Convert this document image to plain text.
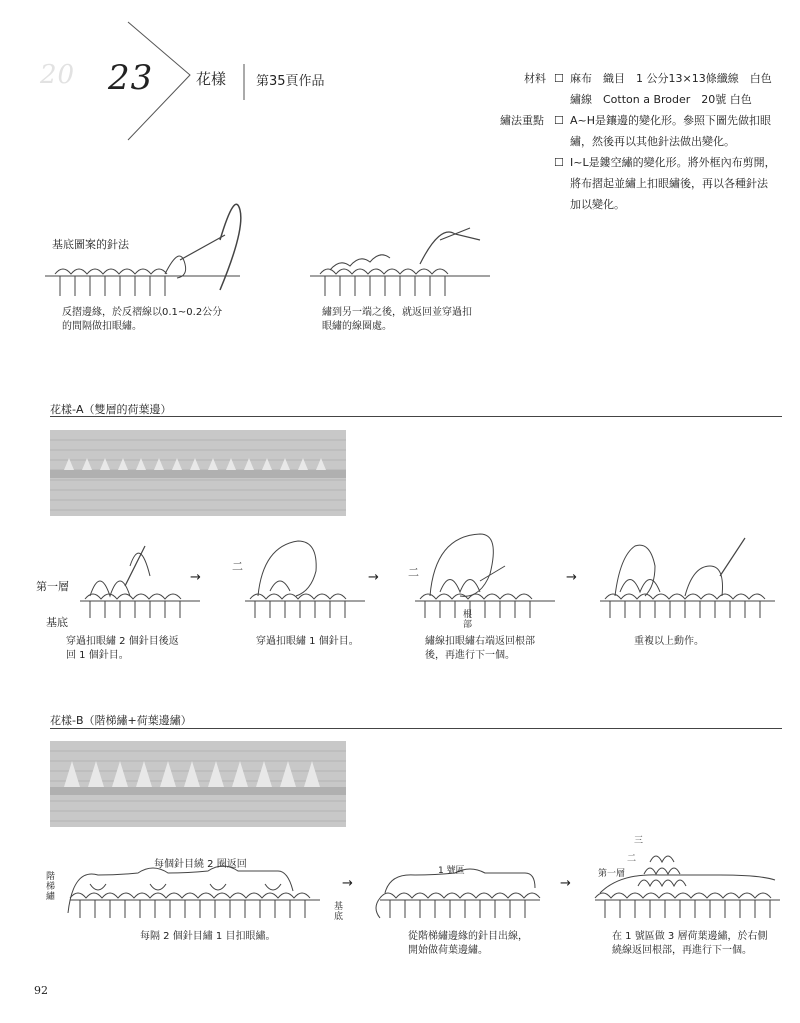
20 23	花樣 第35頁作品	材料 ☐ 麻布　織目　1 公分13×13條纖線　白色
繡線　Cotton a Broder　20號 白色
繡法重點 ☐ A~H是鑲邊的變化形。參照下圖先做扣眼
繡，然後再以其他針法做出變化。
☐ I~L是鏤空繡的變化形。將外框內布剪開，
將布摺起並繡上扣眼繡後，再以各種針法
加以變化。
基底圖案的針法
反摺邊緣，於反褶線以0.1~0.2公分
的間隔做扣眼繡。
繡到另一端之後，就返回並穿過扣
眼繡的線圈處。
花樣-A（雙層的荷葉邊）
第一層
基底
二	二
根部
→	→	→
穿過扣眼繡 2 個針目後返
回 1 個針目。
穿過扣眼繡 1 個針目。	繡線扣眼繡右端返回根部
後，再進行下一個。
重複以上動作。
花樣-B（階梯繡+荷葉邊繡）
每個針目繞 2 圈返回
階梯繡
基底
1 號區
三
二
第一層
→	→
每隔 2 個針目繡 1 目扣眼繡。	從階梯繡邊緣的針目出線，
開始做荷葉邊繡。
在 1 號區做 3 層荷葉邊繡，於右側
繞線返回根部，再進行下一個。
92
